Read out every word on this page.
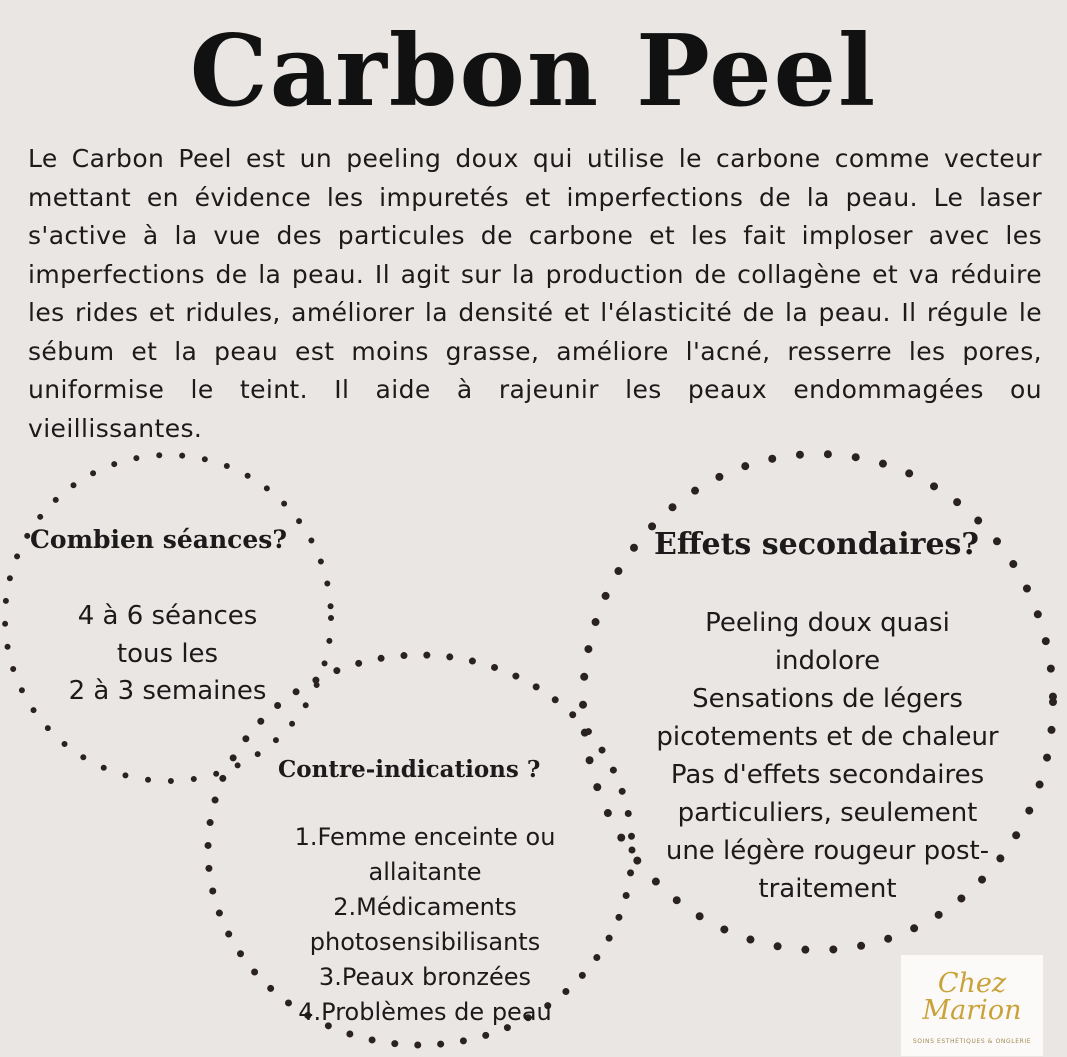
Carbon Peel
Le Carbon Peel est un peeling doux qui utilise le carbone comme vecteur mettant en évidence les impuretés et imperfections de la peau. Le laser s'active à la vue des particules de carbone et les fait imploser avec les imperfections de la peau. Il agit sur la production de collagène et va réduire les rides et ridules, améliorer la densité et l'élasticité de la peau. Il régule le sébum et la peau est moins grasse, améliore l'acné, resserre les pores, uniformise le teint. Il aide à rajeunir les peaux endommagées ou vieillissantes.
Combien séances?
4 à 6 séances
tous les
2 à 3 semaines
Contre-indications ?
1.Femme enceinte ou
allaitante
2.Médicaments
photosensibilisants
3.Peaux bronzées
4.Problèmes de peau
Effets secondaires?
Peeling doux quasi
indolore
Sensations de légers
picotements et de chaleur
Pas d'effets secondaires
particuliers, seulement
une légère rougeur post-
traitement
Chez
Marion
SOINS ESTHÉTIQUES & ONGLERIE
